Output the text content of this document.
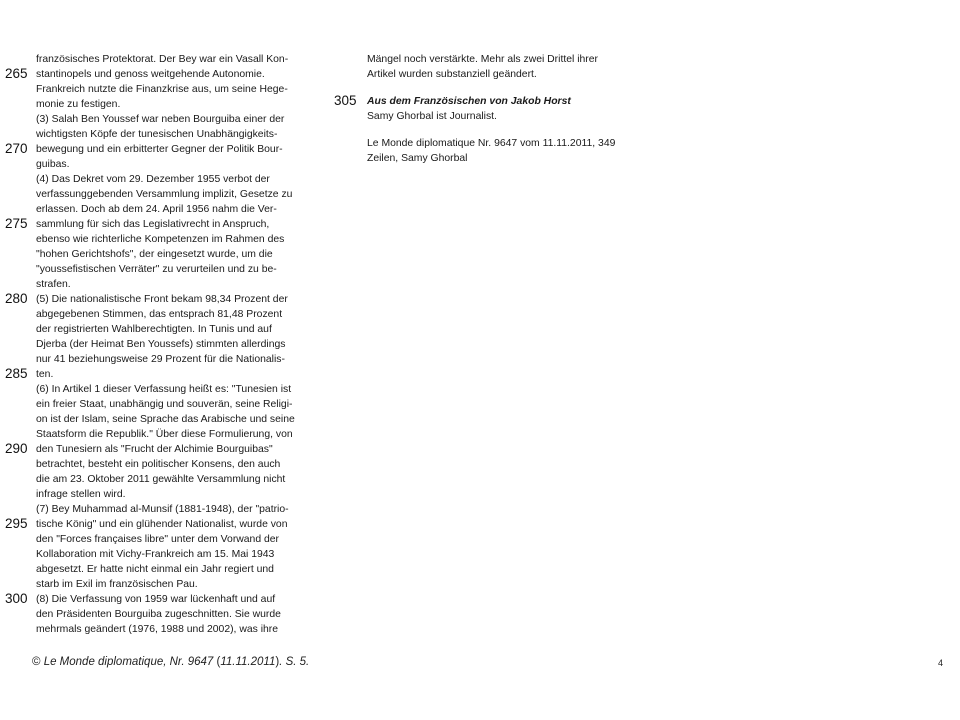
265
270
275
280
285
290
295
300
französisches Protektorat. Der Bey war ein Vasall Kon-
stantinopels und genoss weitgehende Autonomie.
Frankreich nutzte die Finanzkrise aus, um seine Hege-
monie zu festigen.
(3) Salah Ben Youssef war neben Bourguiba einer der
wichtigsten Köpfe der tunesischen Unabhängigkeits-
bewegung und ein erbitterter Gegner der Politik Bour-
guibas.
(4) Das Dekret vom 29. Dezember 1955 verbot der
verfassunggebenden Versammlung implizit, Gesetze zu
erlassen. Doch ab dem 24. April 1956 nahm die Ver-
sammlung für sich das Legislativrecht in Anspruch,
ebenso wie richterliche Kompetenzen im Rahmen des
"hohen Gerichtshofs", der eingesetzt wurde, um die
"youssefistischen Verräter" zu verurteilen und zu be-
strafen.
(5) Die nationalistische Front bekam 98,34 Prozent der
abgegebenen Stimmen, das entsprach 81,48 Prozent
der registrierten Wahlberechtigten. In Tunis und auf
Djerba (der Heimat Ben Youssefs) stimmten allerdings
nur 41 beziehungsweise 29 Prozent für die Nationalis-
ten.
(6) In Artikel 1 dieser Verfassung heißt es: "Tunesien ist
ein freier Staat, unabhängig und souverän, seine Religi-
on ist der Islam, seine Sprache das Arabische und seine
Staatsform die Republik." Über diese Formulierung, von
den Tunesiern als "Frucht der Alchimie Bourguibas"
betrachtet, besteht ein politischer Konsens, den auch
die am 23. Oktober 2011 gewählte Versammlung nicht
infrage stellen wird.
(7) Bey Muhammad al-Munsif (1881-1948), der "patrio-
tische König" und ein glühender Nationalist, wurde von
den "Forces françaises libre" unter dem Vorwand der
Kollaboration mit Vichy-Frankreich am 15. Mai 1943
abgesetzt. Er hatte nicht einmal ein Jahr regiert und
starb im Exil im französischen Pau.
(8) Die Verfassung von 1959 war lückenhaft und auf
den Präsidenten Bourguiba zugeschnitten. Sie wurde
mehrmals geändert (1976, 1988 und 2002), was ihre
305
Mängel noch verstärkte. Mehr als zwei Drittel ihrer
Artikel wurden substanziell geändert.
Aus dem Französischen von Jakob Horst
Samy Ghorbal ist Journalist.
Le Monde diplomatique Nr. 9647 vom 11.11.2011, 349
Zeilen, Samy Ghorbal
© Le Monde diplomatique, Nr. 9647 (11.11.2011). S. 5.	4
